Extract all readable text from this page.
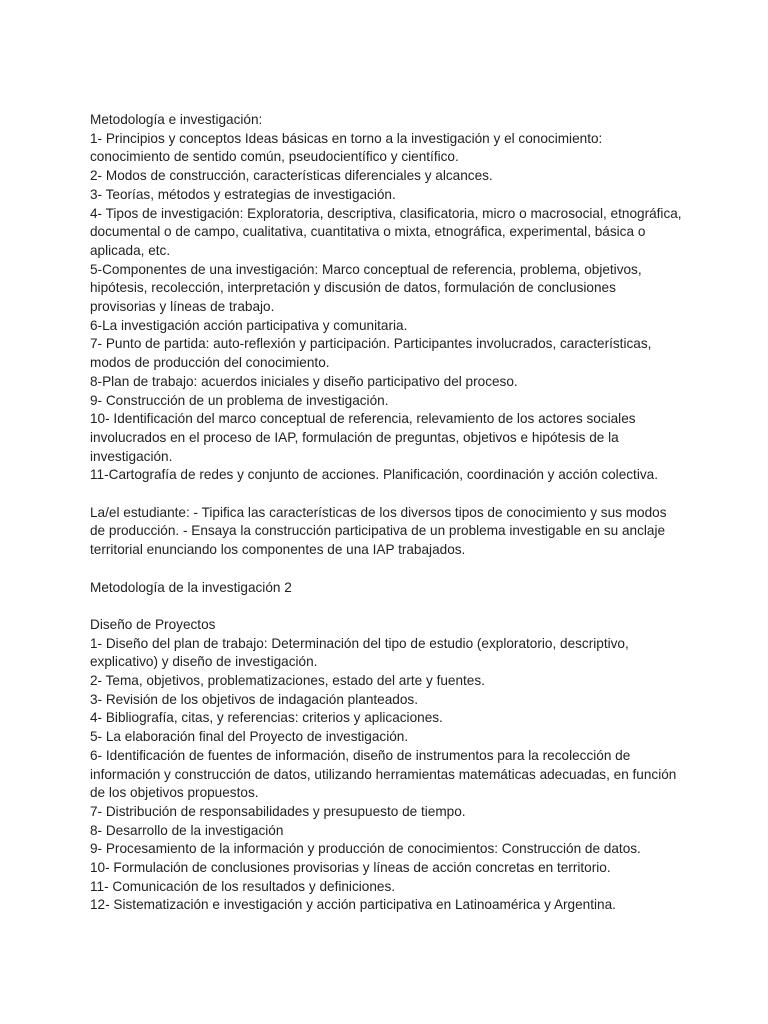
Metodología e investigación:

1- Principios y conceptos Ideas básicas en torno a la investigación y el conocimiento: conocimiento de sentido común, pseudocientífico y científico.

2- Modos de construcción, características diferenciales y alcances.

3- Teorías, métodos y estrategias de investigación.

4- Tipos de investigación: Exploratoria, descriptiva, clasificatoria, micro o macrosocial, etnográfica, documental o de campo, cualitativa, cuantitativa o mixta, etnográfica, experimental, básica o aplicada, etc.

5-Componentes de una investigación: Marco conceptual de referencia, problema, objetivos, hipótesis, recolección, interpretación y discusión de datos, formulación de conclusiones provisorias y líneas de trabajo.

6-La investigación acción participativa y comunitaria.

7- Punto de partida: auto-reflexión y participación. Participantes involucrados, características, modos de producción del conocimiento.

8-Plan de trabajo: acuerdos iniciales y diseño participativo del proceso.

9- Construcción de un problema de investigación.

10- Identificación del marco conceptual de referencia, relevamiento de los actores sociales involucrados en el proceso de IAP, formulación de preguntas, objetivos e hipótesis de la investigación.

11-Cartografía de redes y conjunto de acciones. Planificación, coordinación y acción colectiva.

La/el estudiante: - Tipifica las características de los diversos tipos de conocimiento y sus modos de producción. - Ensaya la construcción participativa de un problema investigable en su anclaje territorial enunciando los componentes de una IAP trabajados.

Metodología de la investigación 2

Diseño de Proyectos

1- Diseño del plan de trabajo: Determinación del tipo de estudio (exploratorio, descriptivo, explicativo) y diseño de investigación.

2- Tema, objetivos, problematizaciones, estado del arte y fuentes.

3- Revisión de los objetivos de indagación planteados.

4- Bibliografía, citas, y referencias: criterios y aplicaciones.

5- La elaboración final del Proyecto de investigación.

6- Identificación de fuentes de información, diseño de instrumentos para la recolección de información y construcción de datos, utilizando herramientas matemáticas adecuadas, en función de los objetivos propuestos.

7- Distribución de responsabilidades y presupuesto de tiempo.

8- Desarrollo de la investigación

9- Procesamiento de la información y producción de conocimientos: Construcción de datos.

10- Formulación de conclusiones provisorias y líneas de acción concretas en territorio.

11- Comunicación de los resultados y definiciones.

12- Sistematización e investigación y acción participativa en Latinoamérica y Argentina.
